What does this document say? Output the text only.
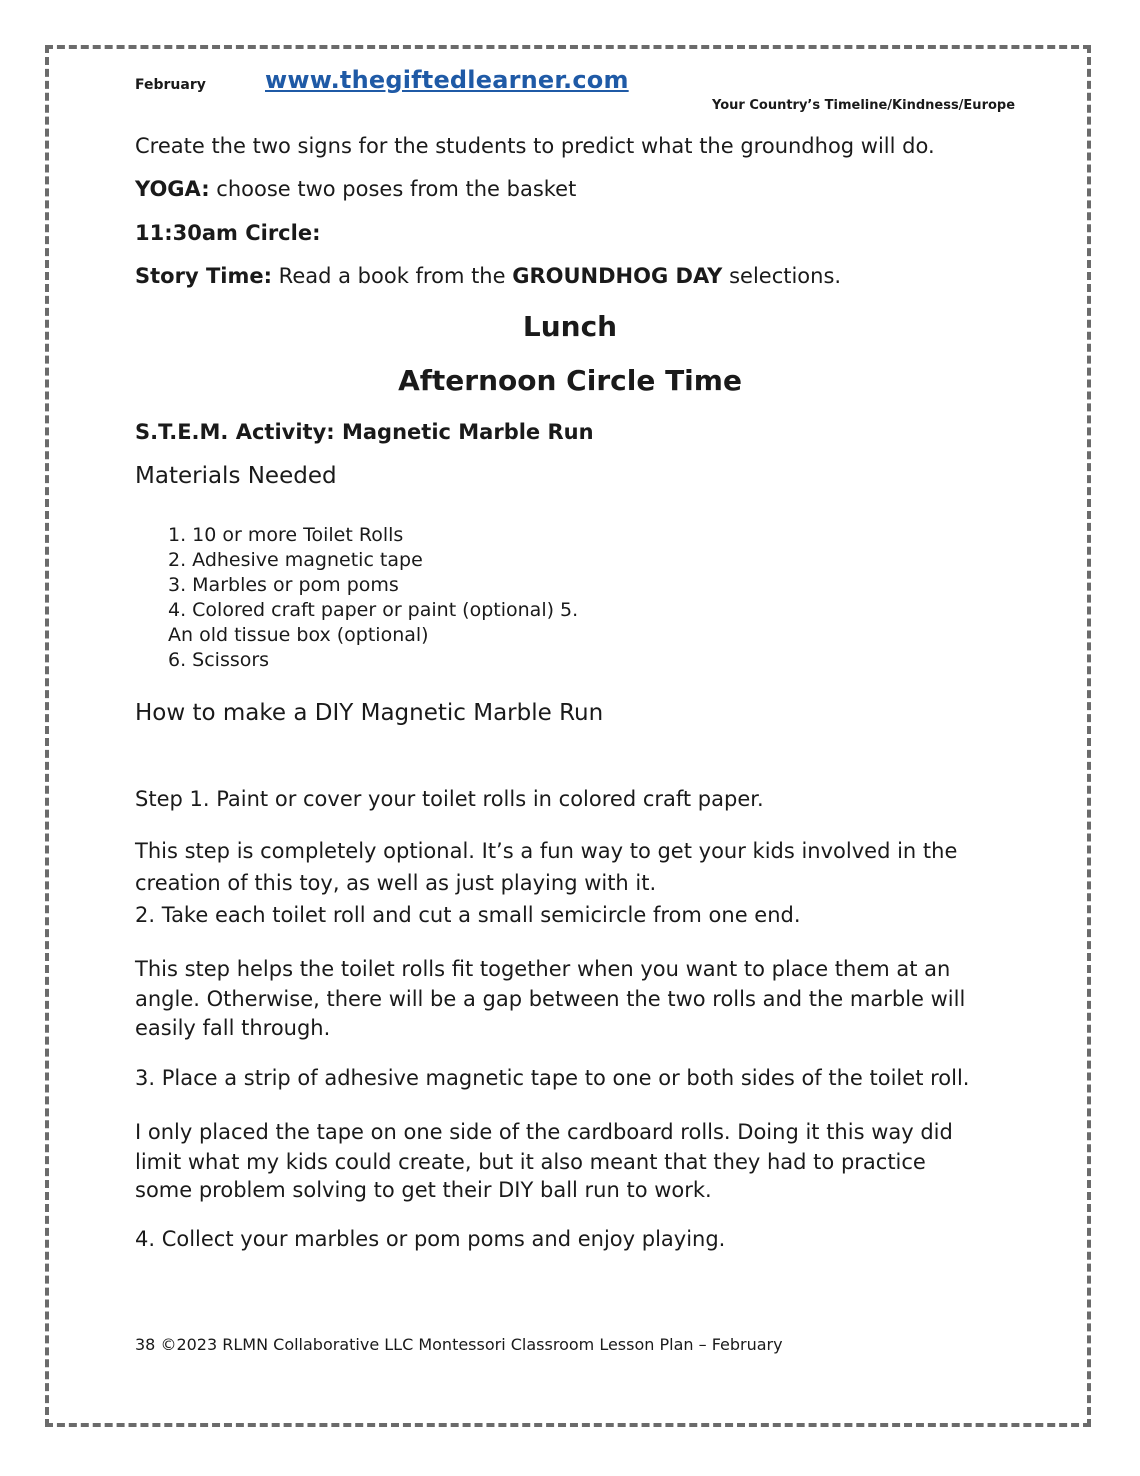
February www.thegiftedlearner.com
Your Country’s Timeline/Kindness/Europe
Create the two signs for the students to predict what the groundhog will do.
YOGA: choose two poses from the basket
11:30am Circle:
Story Time: Read a book from the GROUNDHOG DAY selections.
Lunch
Afternoon Circle Time
S.T.E.M. Activity: Magnetic Marble Run
Materials Needed
1. 10 or more Toilet Rolls
2. Adhesive magnetic tape
3. Marbles or pom poms
4. Colored craft paper or paint (optional) 5.
An old tissue box (optional)
6. Scissors
How to make a DIY Magnetic Marble Run
Step 1. Paint or cover your toilet rolls in colored craft paper.
This step is completely optional. It’s a fun way to get your kids involved in the
creation of this toy, as well as just playing with it.
2. Take each toilet roll and cut a small semicircle from one end.
This step helps the toilet rolls fit together when you want to place them at an
angle. Otherwise, there will be a gap between the two rolls and the marble will
easily fall through.
3. Place a strip of adhesive magnetic tape to one or both sides of the toilet roll.
I only placed the tape on one side of the cardboard rolls. Doing it this way did
limit what my kids could create, but it also meant that they had to practice
some problem solving to get their DIY ball run to work.
4. Collect your marbles or pom poms and enjoy playing.
38 ©2023 RLMN Collaborative LLC Montessori Classroom Lesson Plan – February
